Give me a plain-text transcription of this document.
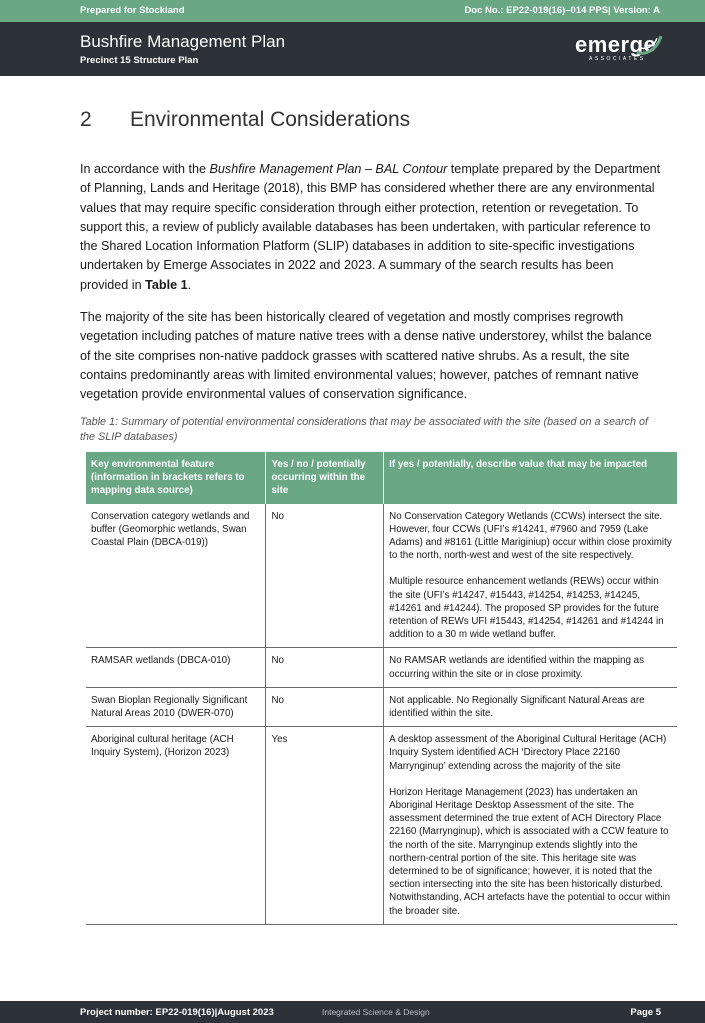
Prepared for Stockland	Doc No.: EP22-019(16)–014 PPS| Version: A
Bushfire Management Plan
Precinct 15 Structure Plan
emerge
ASSOCIATES
2 Environmental Considerations

In accordance with the Bushfire Management Plan – BAL Contour template prepared by the Department of Planning, Lands and Heritage (2018), this BMP has considered whether there are any environmental values that may require specific consideration through either protection, retention or revegetation. To support this, a review of publicly available databases has been undertaken, with particular reference to the Shared Location Information Platform (SLIP) databases in addition to site-specific investigations undertaken by Emerge Associates in 2022 and 2023. A summary of the search results has been provided in Table 1.

The majority of the site has been historically cleared of vegetation and mostly comprises regrowth vegetation including patches of mature native trees with a dense native understorey, whilst the balance of the site comprises non-native paddock grasses with scattered native shrubs. As a result, the site contains predominantly areas with limited environmental values; however, patches of remnant native vegetation provide environmental values of conservation significance.

Table 1: Summary of potential environmental considerations that may be associated with the site (based on a search of the SLIP databases)

Key environmental feature (information in brackets refers to mapping data source)	Yes / no / potentially occurring within the site	If yes / potentially, describe value that may be impacted
Conservation category wetlands and buffer (Geomorphic wetlands, Swan Coastal Plain (DBCA-019))	No	No Conservation Category Wetlands (CCWs) intersect the site. However, four CCWs (UFI’s #14241, #7960 and 7959 (Lake Adams) and #8161 (Little Mariginiup) occur within close proximity to the north, north-west and west of the site respectively.

Multiple resource enhancement wetlands (REWs) occur within the site (UFI’s #14247, #15443, #14254, #14253, #14245, #14261 and #14244). The proposed SP provides for the future retention of REWs UFI #15443, #14254, #14261 and #14244 in addition to a 30 m wide wetland buffer.

RAMSAR wetlands (DBCA-010)	No	No RAMSAR wetlands are identified within the mapping as occurring within the site or in close proximity.

Swan Bioplan Regionally Significant Natural Areas 2010 (DWER-070)	No	Not applicable. No Regionally Significant Natural Areas are identified within the site.

Aboriginal cultural heritage (ACH Inquiry System), (Horizon 2023)	Yes	A desktop assessment of the Aboriginal Cultural Heritage (ACH) Inquiry System identified ACH ‘Directory Place 22160 Marrynginup’ extending across the majority of the site

Horizon Heritage Management (2023) has undertaken an Aboriginal Heritage Desktop Assessment of the site. The assessment determined the true extent of ACH Directory Place 22160 (Marrynginup), which is associated with a CCW feature to the north of the site. Marrynginup extends slightly into the northern-central portion of the site. This heritage site was determined to be of significance; however, it is noted that the section intersecting into the site has been historically disturbed. Notwithstanding, ACH artefacts have the potential to occur within the broader site.

Project number: EP22-019(16)|August 2023	Integrated Science & Design	Page 5
